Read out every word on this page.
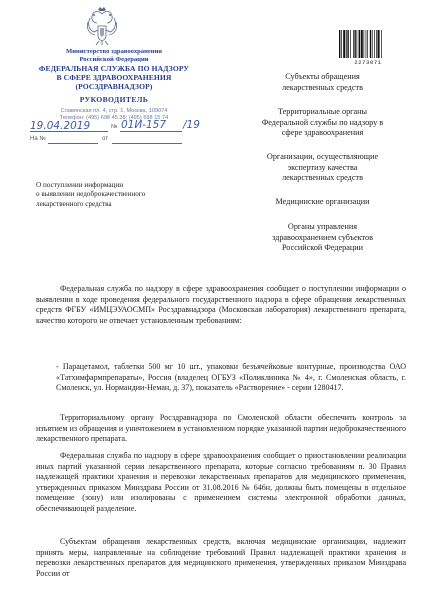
Министерство здравоохранения
Российской Федерации
ФЕДЕРАЛЬНАЯ СЛУЖБА ПО НАДЗОРУ
В СФЕРЕ ЗДРАВООХРАНЕНИЯ
(РОСЗДРАВНАДЗОР)
РУКОВОДИТЕЛЬ
Славянская пл. 4, стр. 1, Москва, 109074
Телефон: (495) 698 45 38; (495) 698 15 74
19.04.2019	№ 01И-157 /19
На №	от
2273071
Субъекты обращения
лекарственных средств
Территориальные органы
Федеральной службы по надзору в
сфере здравоохранения
Организации, осуществляющие
экспертизу качества
лекарственных средств
Медицинские организации
Органы управления
здравоохранением субъектов
Российской Федерации
О поступлении информации
о выявлении недоброкачественного
лекарственного средства
Федеральная служба по надзору в сфере здравоохранения сообщает о поступлении информации о выявлении в ходе проведения федерального государственного надзора в сфере обращения лекарственных средств ФГБУ «ИМЦЭУАОСМП» Росздравнадзора (Московская лаборатория) лекарственного препарата, качество которого не отвечает установленным требованиям:
- Парацетамол, таблетки 500 мг 10 шт., упаковки безъячейковые контурные, производства ОАО «Татхимфармпрепараты», Россия (владелец ОГБУЗ «Поликлиника № 4», г. Смоленская область, г. Смоленск, ул. Нормандии-Неман, д. 37), показатель «Растворение» - серии 1280417.
Территориальному органу Росздравнадзора по Смоленской области обеспечить контроль за изъятием из обращения и уничтожением в установленном порядке указанной партии недоброкачественного лекарственного препарата.
Федеральная служба по надзору в сфере здравоохранения сообщает о приостановлении реализации иных партий указанной серии лекарственного препарата, которые согласно требованиям п. 30 Правил надлежащей практики хранения и перевозки лекарственных препаратов для медицинского применения, утвержденных приказом Минздрава России от 31.08.2016 № 646н, должны быть помещены в отдельное помещение (зону) или изолированы с применением системы электронной обработки данных, обеспечивающей разделение.
Субъектам обращения лекарственных средств, включая медицинские организации, надлежит принять меры, направленные на соблюдение требований Правил надлежащей практики хранения и перевозки лекарственных препаратов для медицинского применения, утвержденных приказом Минздрава России от
